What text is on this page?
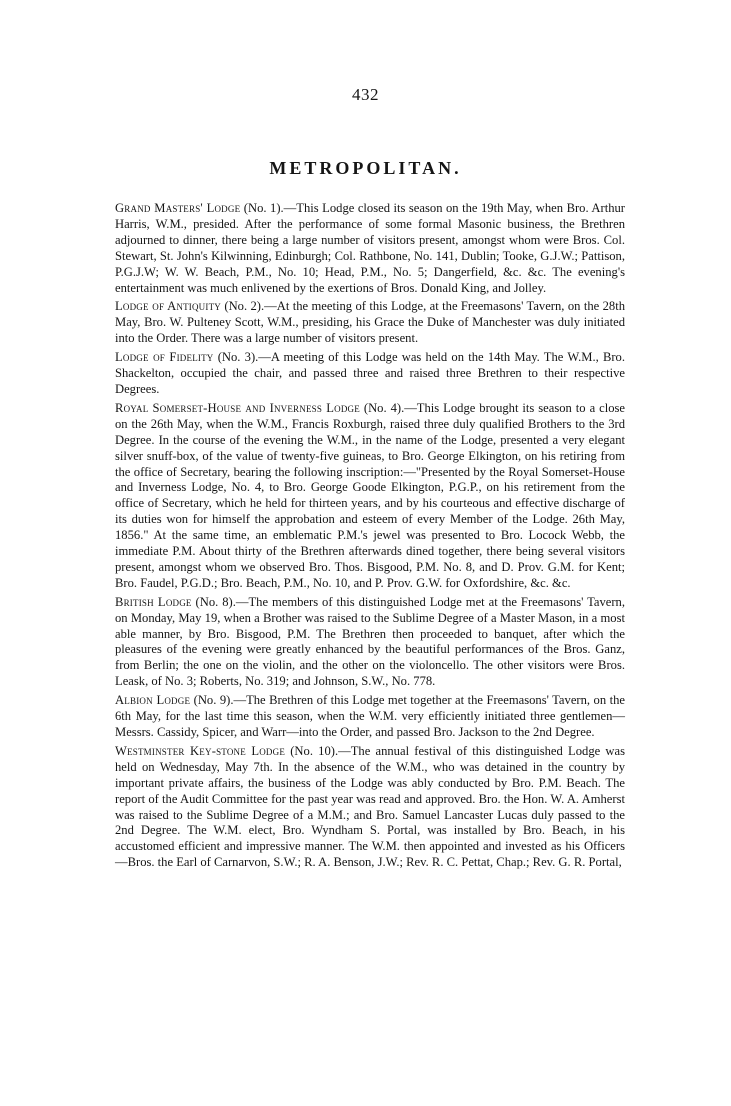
432
METROPOLITAN.

Grand Masters' Lodge (No. 1).—This Lodge closed its season on the 19th May, when Bro. Arthur Harris, W.M., presided. After the performance of some formal Masonic business, the Brethren adjourned to dinner, there being a large number of visitors present, amongst whom were Bros. Col. Stewart, St. John's Kilwinning, Edinburgh; Col. Rathbone, No. 141, Dublin; Tooke, G.J.W.; Pattison, P.G.J.W; W. W. Beach, P.M., No. 10; Head, P.M., No. 5; Dangerfield, &c. &c. The evening's entertainment was much enlivened by the exertions of Bros. Donald King, and Jolley.

Lodge of Antiquity (No. 2).—At the meeting of this Lodge, at the Freemasons' Tavern, on the 28th May, Bro. W. Pulteney Scott, W.M., presiding, his Grace the Duke of Manchester was duly initiated into the Order. There was a large number of visitors present.

Lodge of Fidelity (No. 3).—A meeting of this Lodge was held on the 14th May. The W.M., Bro. Shackelton, occupied the chair, and passed three and raised three Brethren to their respective Degrees.

Royal Somerset-House and Inverness Lodge (No. 4).—This Lodge brought its season to a close on the 26th May, when the W.M., Francis Roxburgh, raised three duly qualified Brothers to the 3rd Degree. In the course of the evening the W.M., in the name of the Lodge, presented a very elegant silver snuff-box, of the value of twenty-five guineas, to Bro. George Elkington, on his retiring from the office of Secretary, bearing the following inscription:—"Presented by the Royal Somerset-House and Inverness Lodge, No. 4, to Bro. George Goode Elkington, P.G.P., on his retirement from the office of Secretary, which he held for thirteen years, and by his courteous and effective discharge of its duties won for himself the approbation and esteem of every Member of the Lodge. 26th May, 1856." At the same time, an emblematic P.M.'s jewel was presented to Bro. Locock Webb, the immediate P.M. About thirty of the Brethren afterwards dined together, there being several visitors present, amongst whom we observed Bro. Thos. Bisgood, P.M. No. 8, and D. Prov. G.M. for Kent; Bro. Faudel, P.G.D.; Bro. Beach, P.M., No. 10, and P. Prov. G.W. for Oxfordshire, &c. &c.

British Lodge (No. 8).—The members of this distinguished Lodge met at the Freemasons' Tavern, on Monday, May 19, when a Brother was raised to the Sublime Degree of a Master Mason, in a most able manner, by Bro. Bisgood, P.M. The Brethren then proceeded to banquet, after which the pleasures of the evening were greatly enhanced by the beautiful performances of the Bros. Ganz, from Berlin; the one on the violin, and the other on the violoncello. The other visitors were Bros. Leask, of No. 3; Roberts, No. 319; and Johnson, S.W., No. 778.

Albion Lodge (No. 9).—The Brethren of this Lodge met together at the Freemasons' Tavern, on the 6th May, for the last time this season, when the W.M. very efficiently initiated three gentlemen—Messrs. Cassidy, Spicer, and Warr—into the Order, and passed Bro. Jackson to the 2nd Degree.

Westminster Key-stone Lodge (No. 10).—The annual festival of this distinguished Lodge was held on Wednesday, May 7th. In the absence of the W.M., who was detained in the country by important private affairs, the business of the Lodge was ably conducted by Bro. P.M. Beach. The report of the Audit Committee for the past year was read and approved. Bro. the Hon. W. A. Amherst was raised to the Sublime Degree of a M.M.; and Bro. Samuel Lancaster Lucas duly passed to the 2nd Degree. The W.M. elect, Bro. Wyndham S. Portal, was installed by Bro. Beach, in his accustomed efficient and impressive manner. The W.M. then appointed and invested as his Officers—Bros. the Earl of Carnarvon, S.W.; R. A. Benson, J.W.; Rev. R. C. Pettat, Chap.; Rev. G. R. Portal,
